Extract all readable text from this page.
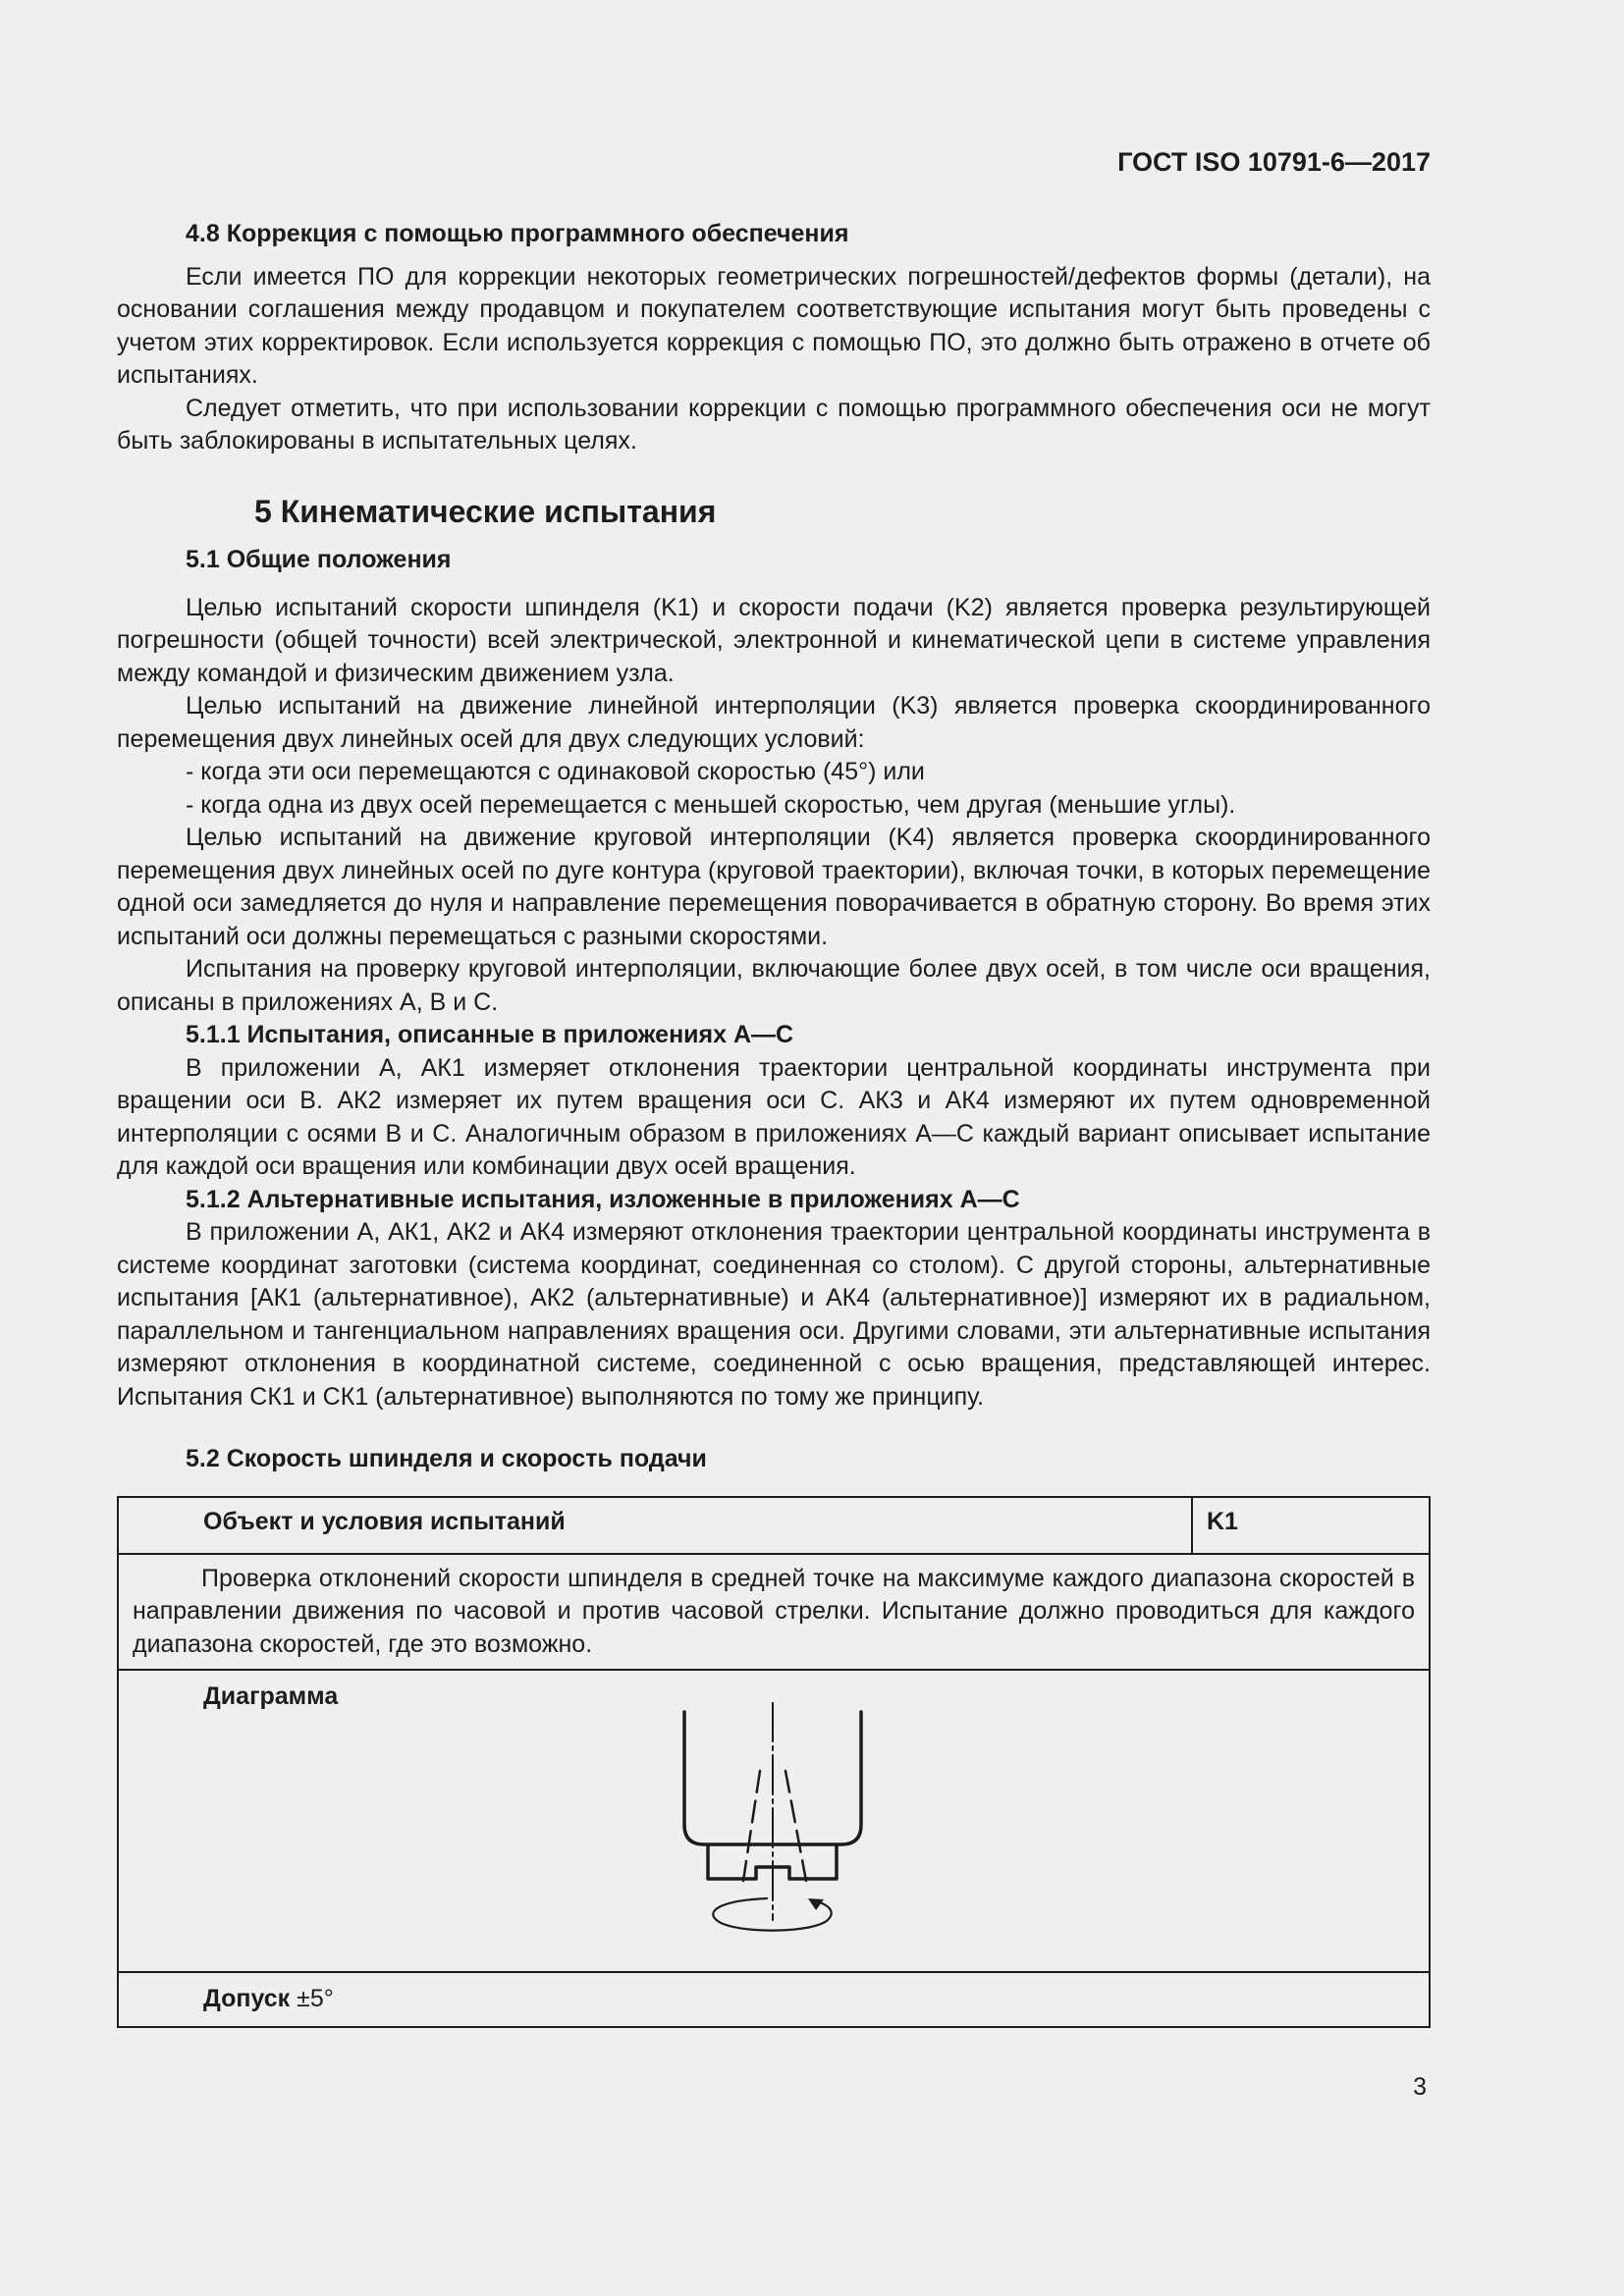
ГОСТ ISO 10791-6—2017

4.8 Коррекция с помощью программного обеспечения

Если имеется ПО для коррекции некоторых геометрических погрешностей/дефектов формы (детали), на основании соглашения между продавцом и покупателем соответствующие испытания могут быть проведены с учетом этих корректировок. Если используется коррекция с помощью ПО, это должно быть отражено в отчете об испытаниях.

Следует отметить, что при использовании коррекции с помощью программного обеспечения оси не могут быть заблокированы в испытательных целях.

5 Кинематические испытания

5.1 Общие положения

Целью испытаний скорости шпинделя (K1) и скорости подачи (K2) является проверка результирующей погрешности (общей точности) всей электрической, электронной и кинематической цепи в системе управления между командой и физическим движением узла.

Целью испытаний на движение линейной интерполяции (K3) является проверка скоординированного перемещения двух линейных осей для двух следующих условий:

- когда эти оси перемещаются с одинаковой скоростью (45°) или

- когда одна из двух осей перемещается с меньшей скоростью, чем другая (меньшие углы).

Целью испытаний на движение круговой интерполяции (K4) является проверка скоординированного перемещения двух линейных осей по дуге контура (круговой траектории), включая точки, в которых перемещение одной оси замедляется до нуля и направление перемещения поворачивается в обратную сторону. Во время этих испытаний оси должны перемещаться с разными скоростями.

Испытания на проверку круговой интерполяции, включающие более двух осей, в том числе оси вращения, описаны в приложениях А, В и С.

5.1.1 Испытания, описанные в приложениях А—С

В приложении А, АК1 измеряет отклонения траектории центральной координаты инструмента при вращении оси В. АК2 измеряет их путем вращения оси С. АК3 и АК4 измеряют их путем одновременной интерполяции с осями В и С. Аналогичным образом в приложениях А—С каждый вариант описывает испытание для каждой оси вращения или комбинации двух осей вращения.

5.1.2 Альтернативные испытания, изложенные в приложениях А—С

В приложении А, АК1, АК2 и АК4 измеряют отклонения траектории центральной координаты инструмента в системе координат заготовки (система координат, соединенная со столом). С другой стороны, альтернативные испытания [АК1 (альтернативное), АК2 (альтернативные) и АК4 (альтернативное)] измеряют их в радиальном, параллельном и тангенциальном направлениях вращения оси. Другими словами, эти альтернативные испытания измеряют отклонения в координатной системе, соединенной с осью вращения, представляющей интерес. Испытания СК1 и СК1 (альтернативное) выполняются по тому же принципу.

5.2 Скорость шпинделя и скорость подачи

Объект и условия испытаний	K1

Проверка отклонений скорости шпинделя в средней точке на максимуме каждого диапазона скоростей в направлении движения по часовой и против часовой стрелки. Испытание должно проводиться для каждого диапазона скоростей, где это возможно.

Диаграмма

Допуск ±5°

3
